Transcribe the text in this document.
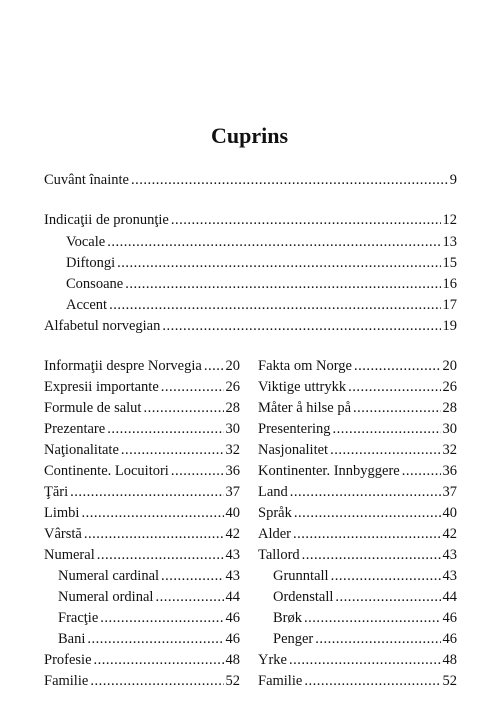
Cuprins
Cuvânt înainte .....	9
Indicaţii de pronunţie .....	12
Vocale .....	13
Diftongi .....	15
Consoane .....	16
Accent .....	17
Alfabetul norvegian .....	19
Informaţii despre Norvegia ..... 20
Expresii importante .....	26
Formule de salut .....	28
Prezentare .....	30
Naţionalitate .....	32
Continente. Locuitori .....	36
Ţări .....	37
Limbi .....	40
Vârstă .....	42
Numeral .....	43
Numeral cardinal .....	43
Numeral ordinal .....	44
Fracţie .....	46
Bani .....	46
Profesie .....	48
Familie .....	52
Fakta om Norge .....	20
Viktige uttrykk .....	26
Måter å hilse på .....	28
Presentering .....	30
Nasjonalitet .....	32
Kontinenter. Innbyggere .....	36
Land .....	37
Språk .....	40
Alder .....	42
Tallord .....	43
Grunntall .....	43
Ordenstall .....	44
Brøk .....	46
Penger .....	46
Yrke .....	48
Familie .....	52
